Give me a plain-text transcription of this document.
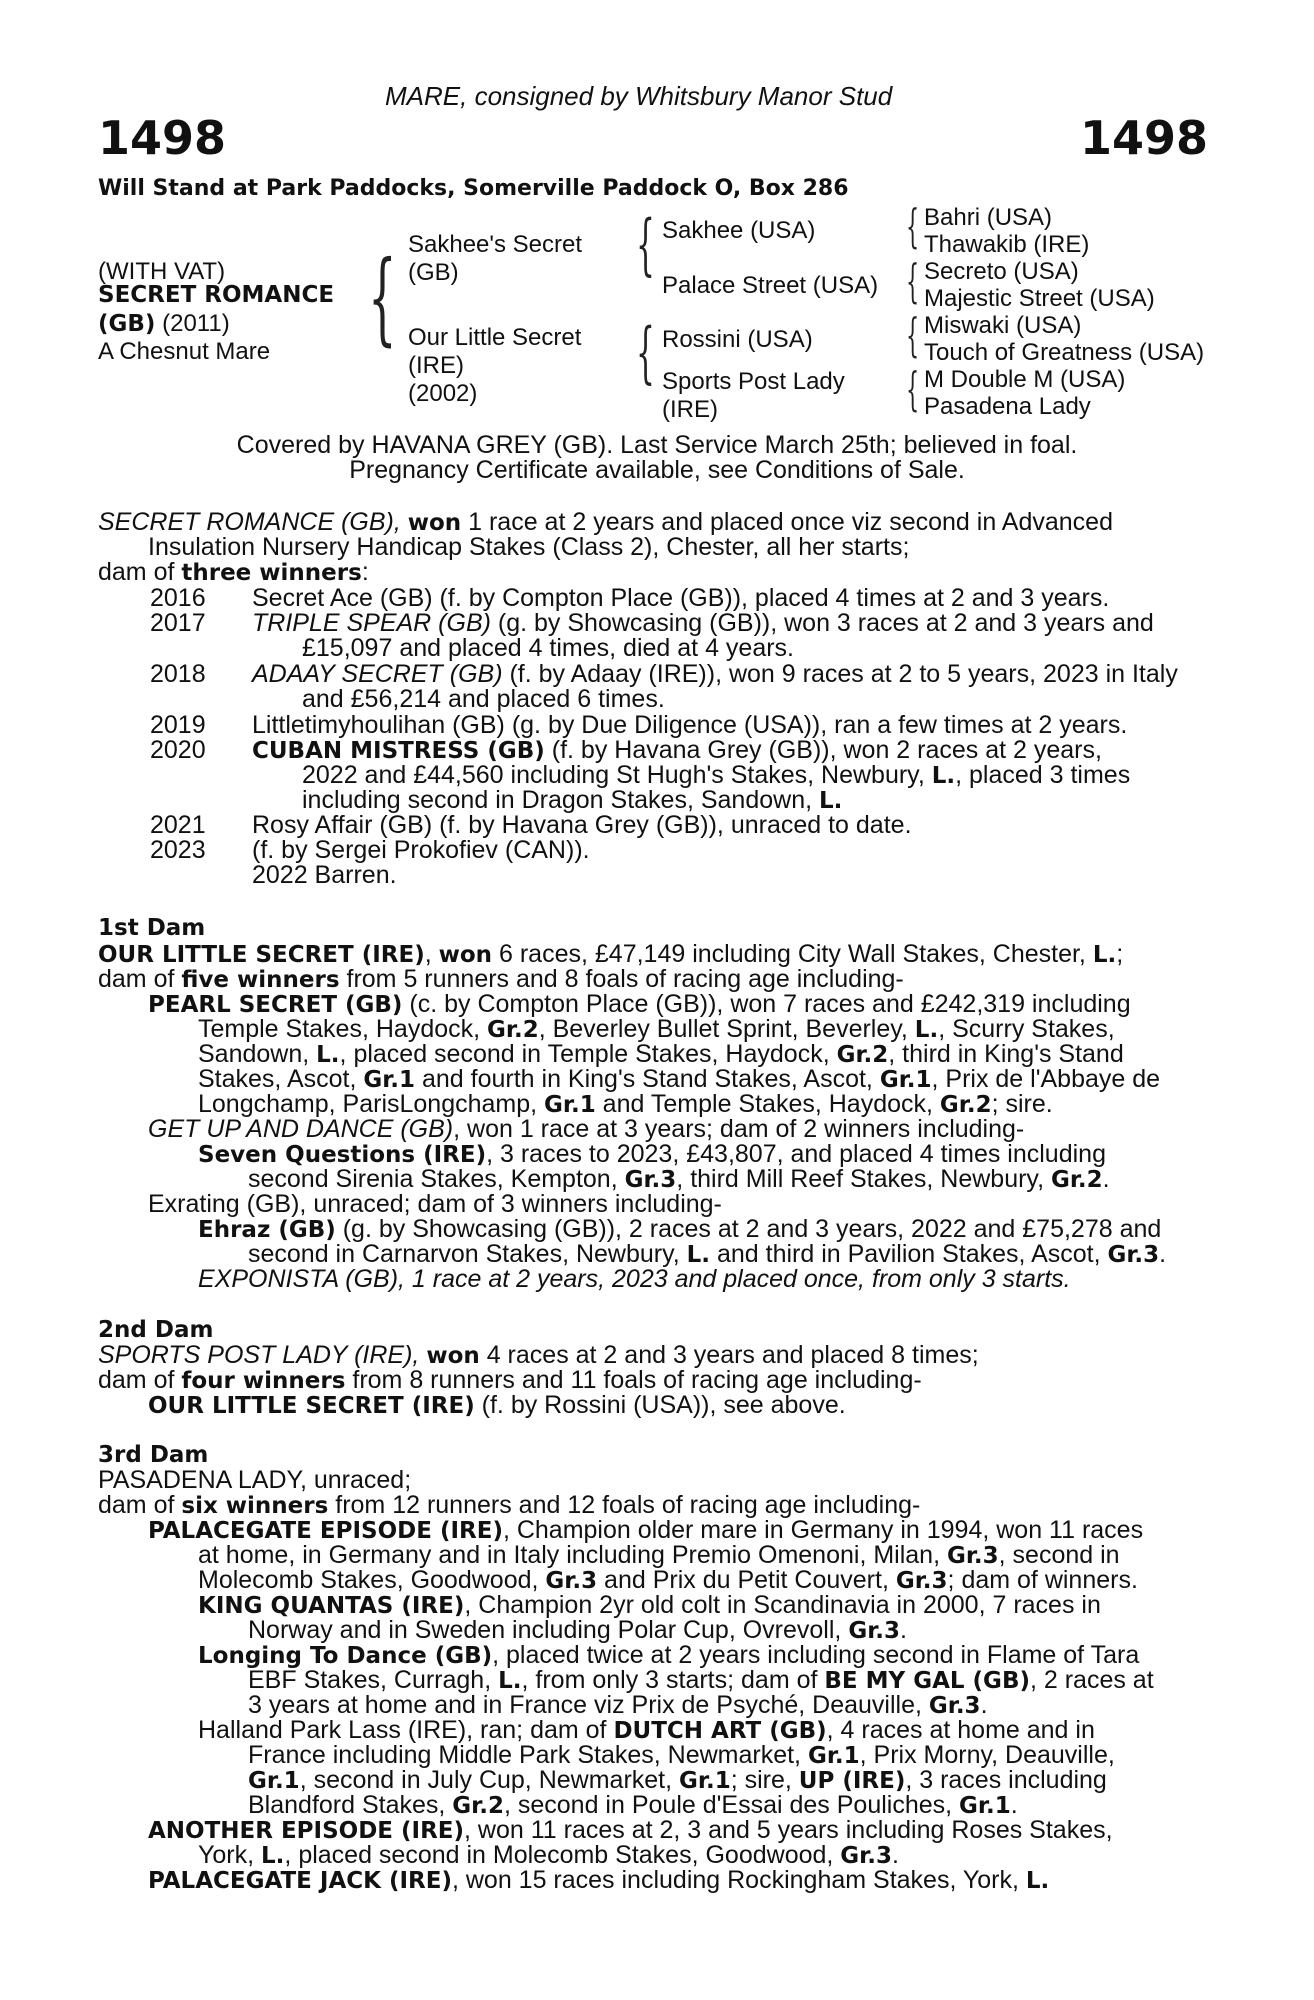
MARE, consigned by Whitsbury Manor Stud
1498	1498
Will Stand at Park Paddocks, Somerville Paddock O, Box 286
(WITH VAT)
SECRET ROMANCE
(GB) (2011)
A Chesnut Mare { Sakhee's Secret
(GB)
Our Little Secret
(IRE)
(2002)
{
{
Sakhee (USA)
Palace Street (USA)
Rossini (USA)
Sports Post Lady
(IRE)
{
{
{
{
Bahri (USA)
Thawakib (IRE)
Secreto (USA)
Majestic Street (USA)
Miswaki (USA)
Touch of Greatness (USA)
M Double M (USA)
Pasadena Lady
Covered by HAVANA GREY (GB). Last Service March 25th; believed in foal.
Pregnancy Certificate available, see Conditions of Sale.
SECRET ROMANCE (GB), won 1 race at 2 years and placed once viz second in Advanced
Insulation Nursery Handicap Stakes (Class 2), Chester, all her starts;
dam of three winners:
2016 Secret Ace (GB) (f. by Compton Place (GB)), placed 4 times at 2 and 3 years.
2017 TRIPLE SPEAR (GB) (g. by Showcasing (GB)), won 3 races at 2 and 3 years and
£15,097 and placed 4 times, died at 4 years.
2018 ADAAY SECRET (GB) (f. by Adaay (IRE)), won 9 races at 2 to 5 years, 2023 in Italy
and £56,214 and placed 6 times.
2019 Littletimyhoulihan (GB) (g. by Due Diligence (USA)), ran a few times at 2 years.
2020 CUBAN MISTRESS (GB) (f. by Havana Grey (GB)), won 2 races at 2 years,
2022 and £44,560 including St Hugh's Stakes, Newbury, L., placed 3 times
including second in Dragon Stakes, Sandown, L.
2021 Rosy Affair (GB) (f. by Havana Grey (GB)), unraced to date.
2023 (f. by Sergei Prokofiev (CAN)).
2022 Barren.
1st Dam
OUR LITTLE SECRET (IRE), won 6 races, £47,149 including City Wall Stakes, Chester, L.;
dam of five winners from 5 runners and 8 foals of racing age including-
PEARL SECRET (GB) (c. by Compton Place (GB)), won 7 races and £242,319 including
Temple Stakes, Haydock, Gr.2, Beverley Bullet Sprint, Beverley, L., Scurry Stakes,
Sandown, L., placed second in Temple Stakes, Haydock, Gr.2, third in King's Stand
Stakes, Ascot, Gr.1 and fourth in King's Stand Stakes, Ascot, Gr.1, Prix de l'Abbaye de
Longchamp, ParisLongchamp, Gr.1 and Temple Stakes, Haydock, Gr.2; sire.
GET UP AND DANCE (GB), won 1 race at 3 years; dam of 2 winners including-
Seven Questions (IRE), 3 races to 2023, £43,807, and placed 4 times including
second Sirenia Stakes, Kempton, Gr.3, third Mill Reef Stakes, Newbury, Gr.2.
Exrating (GB), unraced; dam of 3 winners including-
Ehraz (GB) (g. by Showcasing (GB)), 2 races at 2 and 3 years, 2022 and £75,278 and
second in Carnarvon Stakes, Newbury, L. and third in Pavilion Stakes, Ascot, Gr.3.
EXPONISTA (GB), 1 race at 2 years, 2023 and placed once, from only 3 starts.
2nd Dam
SPORTS POST LADY (IRE), won 4 races at 2 and 3 years and placed 8 times;
dam of four winners from 8 runners and 11 foals of racing age including-
OUR LITTLE SECRET (IRE) (f. by Rossini (USA)), see above.
3rd Dam
PASADENA LADY, unraced;
dam of six winners from 12 runners and 12 foals of racing age including-
PALACEGATE EPISODE (IRE), Champion older mare in Germany in 1994, won 11 races
at home, in Germany and in Italy including Premio Omenoni, Milan, Gr.3, second in
Molecomb Stakes, Goodwood, Gr.3 and Prix du Petit Couvert, Gr.3; dam of winners.
KING QUANTAS (IRE), Champion 2yr old colt in Scandinavia in 2000, 7 races in
Norway and in Sweden including Polar Cup, Ovrevoll, Gr.3.
Longing To Dance (GB), placed twice at 2 years including second in Flame of Tara
EBF Stakes, Curragh, L., from only 3 starts; dam of BE MY GAL (GB), 2 races at
3 years at home and in France viz Prix de Psyché, Deauville, Gr.3.
Halland Park Lass (IRE), ran; dam of DUTCH ART (GB), 4 races at home and in
France including Middle Park Stakes, Newmarket, Gr.1, Prix Morny, Deauville,
Gr.1, second in July Cup, Newmarket, Gr.1; sire, UP (IRE), 3 races including
Blandford Stakes, Gr.2, second in Poule d'Essai des Pouliches, Gr.1.
ANOTHER EPISODE (IRE), won 11 races at 2, 3 and 5 years including Roses Stakes,
York, L., placed second in Molecomb Stakes, Goodwood, Gr.3.
PALACEGATE JACK (IRE), won 15 races including Rockingham Stakes, York, L.
